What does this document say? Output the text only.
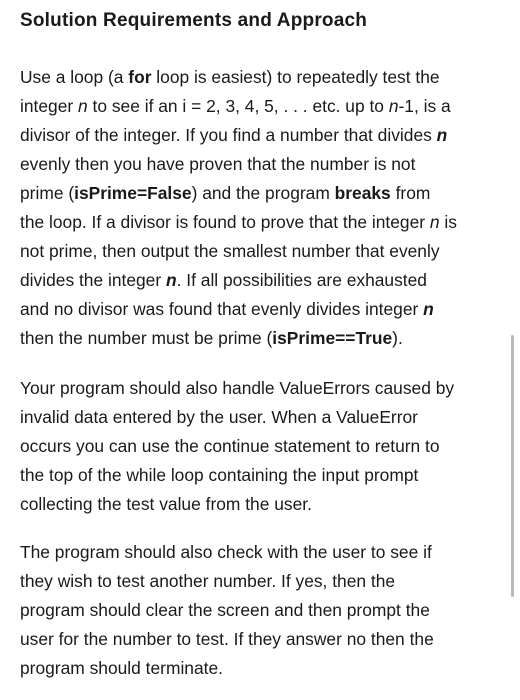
Solution Requirements and Approach
Use a loop (a for loop is easiest) to repeatedly test the
integer n to see if an i = 2, 3, 4, 5, . . . etc. up to n-1, is a
divisor of the integer. If you find a number that divides n
evenly then you have proven that the number is not
prime (isPrime=False) and the program breaks from
the loop. If a divisor is found to prove that the integer n is
not prime, then output the smallest number that evenly
divides the integer n. If all possibilities are exhausted
and no divisor was found that evenly divides integer n
then the number must be prime (isPrime==True).
Your program should also handle ValueErrors caused by
invalid data entered by the user. When a ValueError
occurs you can use the continue statement to return to
the top of the while loop containing the input prompt
collecting the test value from the user.
The program should also check with the user to see if
they wish to test another number. If yes, then the
program should clear the screen and then prompt the
user for the number to test. If they answer no then the
program should terminate.
